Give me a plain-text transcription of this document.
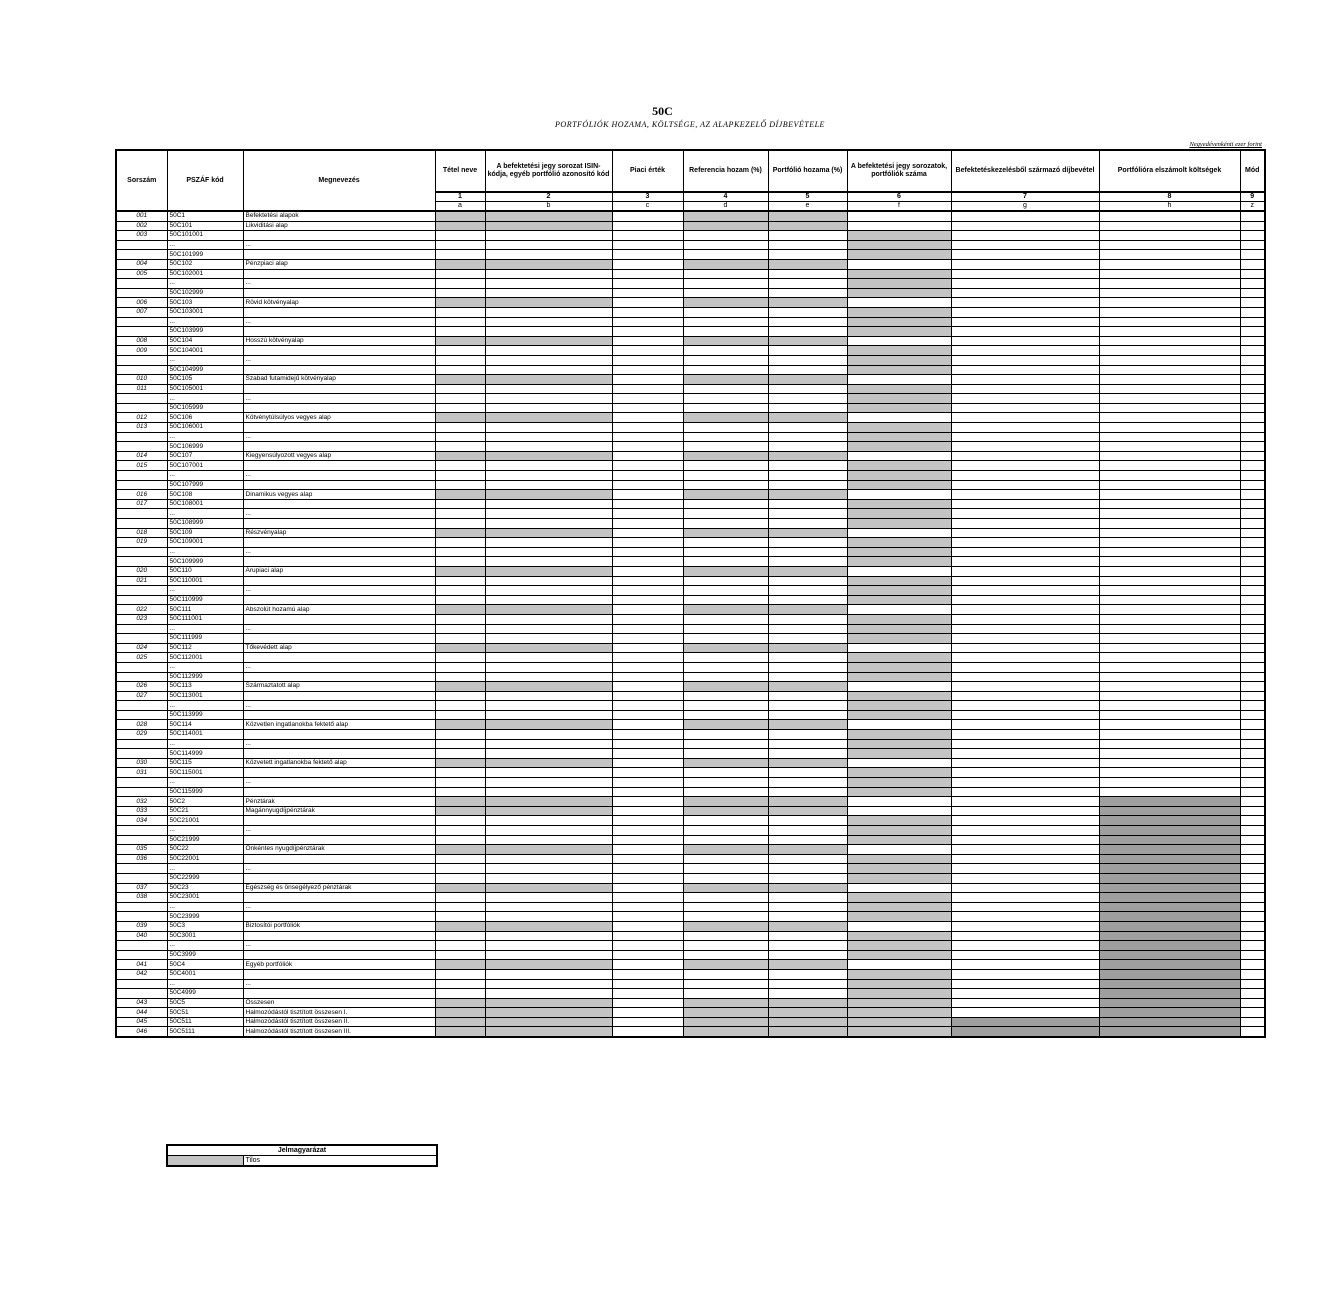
50C
PORTFÓLIÓK HOZAMA, KÖLTSÉGE, AZ ALAPKEZELŐ DÍJBEVÉTELE
Negyedévenkénti ezer forint
Sorszám	PSZÁF kód	Megnevezés	Tétel neve	A befektetési jegy sorozat ISIN-kódja, egyéb portfólió azonosító kód	Piaci érték	Referencia hozam (%)	Portfólió hozama (%)	A befektetési jegy sorozatok, portfóliók száma	Befektetéskezelésből származó díjbevétel	Portfólióra elszámolt költségek	Mód
			1	2	3	4	5	6	7	8	9
			a	b	c	d	e	f	g	h	z
001	50C1	Befektetési alapok									
002	50C101	Likviditási alap									
003	50C101001										
	...	...									
	50C101999										
004	50C102	Pénzpiaci alap									
005	50C102001										
	...	...									
	50C102999										
006	50C103	Rövid kötvényalap									
007	50C103001										
	...	...									
	50C103999										
008	50C104	Hosszú kötvényalap									
009	50C104001										
	...	...									
	50C104999										
010	50C105	Szabad futamidejű kötvényalap									
011	50C105001										
	...	...									
	50C105999										
012	50C106	Kötvénytúlsúlyos vegyes alap									
013	50C106001										
	...	...									
	50C106999										
014	50C107	Kiegyensúlyozott vegyes alap									
015	50C107001										
	...	...									
	50C107999										
016	50C108	Dinamikus vegyes alap									
017	50C108001										
	...	...									
	50C108999										
018	50C109	Részvényalap									
019	50C109001										
	...	...									
	50C109999										
020	50C110	Árupiaci alap									
021	50C110001										
	...	...									
	50C110999										
022	50C111	Abszolút hozamú alap									
023	50C111001										
	...	...									
	50C111999										
024	50C112	Tőkevédett alap									
025	50C112001										
	...	...									
	50C112999										
026	50C113	Származtatott alap									
027	50C113001										
	...	...									
	50C113999										
028	50C114	Közvetlen ingatlanokba fektető alap									
029	50C114001										
	...	...									
	50C114999										
030	50C115	Közvetett ingatlanokba fektető alap									
031	50C115001										
	...	...									
	50C115999										
032	50C2	Pénztárak									
033	50C21	Magánnyugdíjpénztárak									
034	50C21001										
	...	...									
	50C21999										
035	50C22	Önkéntes nyugdíjpénztárak									
036	50C22001										
	...	...									
	50C22999										
037	50C23	Egészség és önsegélyező pénztárak									
038	50C23001										
	...	...									
	50C23999										
039	50C3	Biztosítói portfóliók									
040	50C3001										
	...	...									
	50C3999										
041	50C4	Egyéb portfóliók									
042	50C4001										
	...	...									
	50C4999										
043	50C5	Összesen									
044	50C51	Halmozódástól tisztított összesen I.									
045	50C511	Halmozódástól tisztított összesen II.									
046	50C5111	Halmozódástól tisztított összesen III.									
Jelmagyarázat
	Tilos
